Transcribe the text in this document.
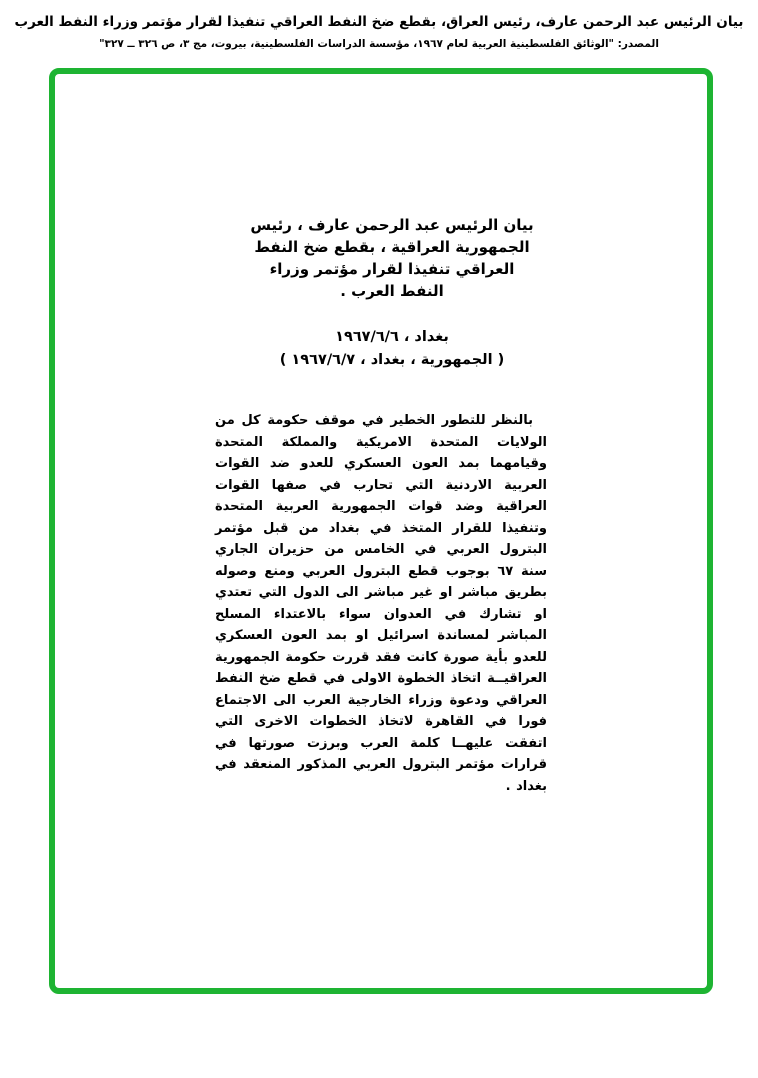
بيان الرئيس عبد الرحمن عارف، رئيس العراق، بقطع ضخ النفط العراقي تنفيذا لقرار مؤتمر وزراء النفط العرب
المصدر: "الوثائق الفلسطينية العربية لعام ١٩٦٧، مؤسسة الدراسات الفلسطينية، بيروت، مج ٣، ص ٣٢٦ ــ ٣٢٧"
بيان الرئيس عبد الرحمن عارف ، رئيس
الجمهورية العراقية ، بقطع ضخ النفط
العراقي تنفيذا لقرار مؤتمر وزراء
النفط العرب .
بغداد ، ١٩٦٧/٦/٦
( الجمهورية ، بغداد ، ١٩٦٧/٦/٧ )
بالنظر للتطور الخطير في موقف حكومة كل من الولايات المتحدة الامريكية والمملكة المتحدة وقيامهما بمد العون العسكري للعدو ضد القوات العربية الاردنية التي تحارب في صفها القوات العراقية وضد قوات الجمهورية العربية المتحدة وتنفيذا للقرار المتخذ في بغداد من قبل مؤتمر البترول العربي في الخامس من حزيران الجاري سنة ٦٧ بوجوب قطع البترول العربي ومنع وصوله بطريق مباشر او غير مباشر الى الدول التي تعتدي او تشارك في العدوان سواء بالاعتداء المسلح المباشر لمساندة اسرائيل او بمد العون العسكري للعدو بأية صورة كانت فقد قررت حكومة الجمهورية العراقيــة اتخاذ الخطوة الاولى في قطع ضخ النفط العراقي ودعوة وزراء الخارجية العرب الى الاجتماع فورا في القاهرة لاتخاذ الخطوات الاخرى التي اتفقت عليهــا كلمة العرب وبرزت صورتها في قرارات مؤتمر البترول العربي المذكور المنعقد في بغداد .
